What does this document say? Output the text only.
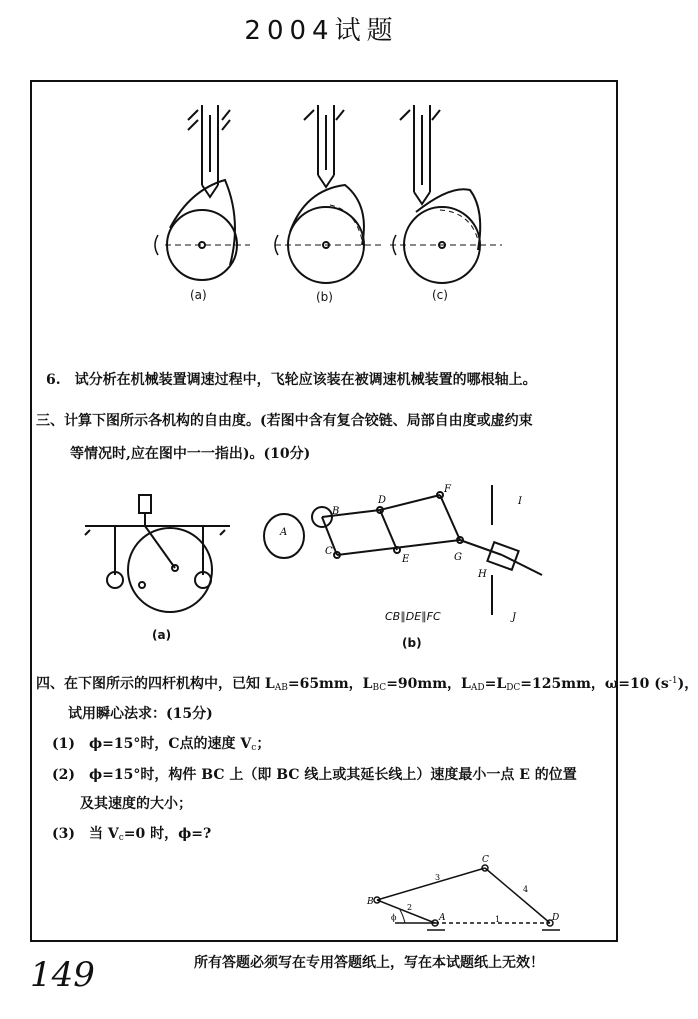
2004试题
(a)	(b)	(c)
6.　试分析在机械装置调速过程中，飞轮应该装在被调速机械装置的哪根轴上。
三、计算下图所示各机构的自由度。(若图中含有复合铰链、局部自由度或虚约束
等情况时,应在图中一一指出)。(10分)
(a)
A
B
C
D
E
F
G
H
I
J
CB∥DE∥FC
(b)
四、在下图所示的四杆机构中，已知 $L_{AB}=65mm$，$L_{BC}=90mm$，$L_{AD}=L_{DC}=125mm$，ω=10 $(s^{-1})$，
试用瞬心法求：(15分)
(1)　ϕ=15°时，C点的速度 $V_c$；
(2)　ϕ=15°时，构件 BC 上（即 BC 线上或其延长线上）速度最小一点 E 的位置
及其速度的大小；
(3)　当 $V_c=0$ 时，ϕ=?
B
A
C
D
1
2
3
4
ϕ
149	所有答题必须写在专用答题纸上，写在本试题纸上无效！
